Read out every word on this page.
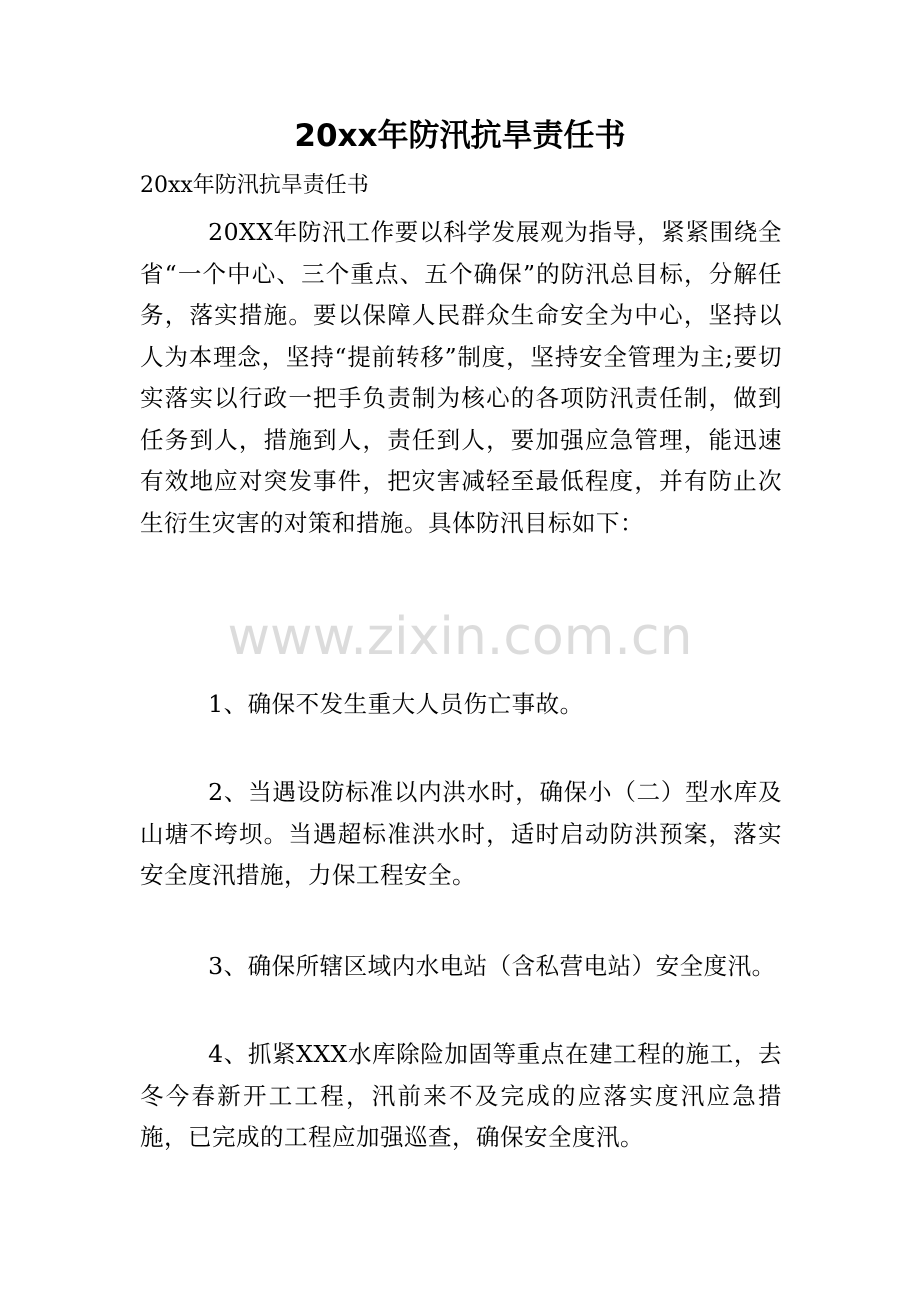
20xx年防汛抗旱责任书

20xx年防汛抗旱责任书

20XX年防汛工作要以科学发展观为指导，紧紧围绕全省“一个中心、三个重点、五个确保”的防汛总目标，分解任务，落实措施。要以保障人民群众生命安全为中心，坚持以人为本理念，坚持“提前转移”制度，坚持安全管理为主;要切实落实以行政一把手负责制为核心的各项防汛责任制，做到任务到人，措施到人，责任到人，要加强应急管理，能迅速有效地应对突发事件，把灾害减轻至最低程度，并有防止次生衍生灾害的对策和措施。具体防汛目标如下：

www.zixin.com.cn

1、确保不发生重大人员伤亡事故。

2、当遇设防标准以内洪水时，确保小（二）型水库及山塘不垮坝。当遇超标准洪水时，适时启动防洪预案，落实安全度汛措施，力保工程安全。

3、确保所辖区域内水电站（含私营电站）安全度汛。

4、抓紧XXX水库除险加固等重点在建工程的施工，去冬今春新开工工程，汛前来不及完成的应落实度汛应急措施，已完成的工程应加强巡查，确保安全度汛。
